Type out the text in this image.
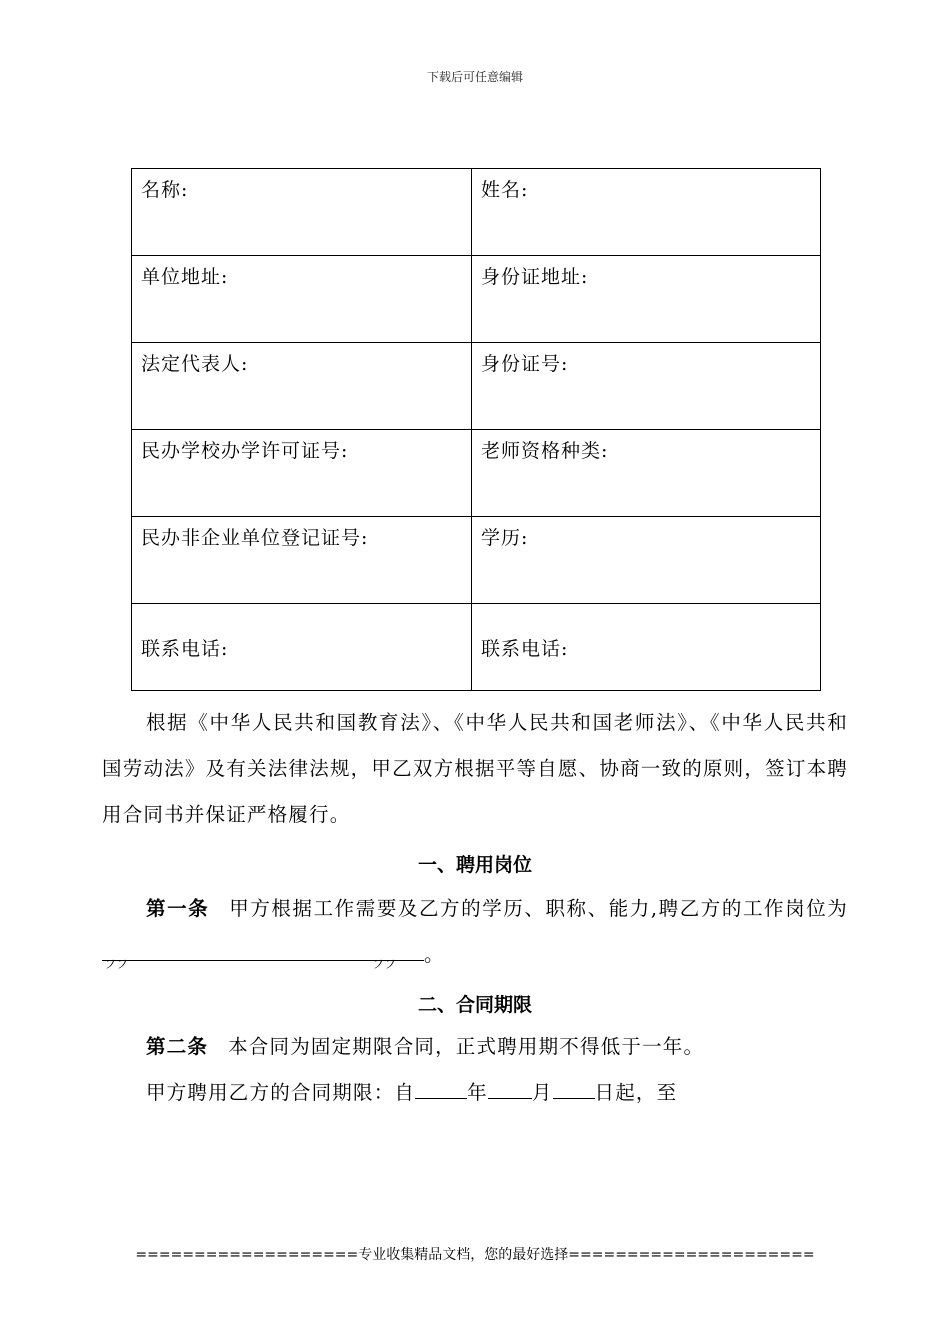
下载后可任意编辑
名称:	姓名:

单位地址:	身份证地址:

法定代表人:	身份证号:

民办学校办学许可证号:	老师资格种类:

民办非企业单位登记证号:	学历:

联系电话:	联系电话:
根据《中华人民共和国教育法》、《中华人民共和国老师法》、《中华人民共和国劳动法》及有关法律法规，甲乙双方根据平等自愿、协商一致的原则，签订本聘用合同书并保证严格履行。
一、聘用岗位
第一条 甲方根据工作需要及乙方的学历、职称、能力,聘乙方的工作岗位为
フフ	フフ 。
二、合同期限
第二条 本合同为固定期限合同，正式聘用期不得低于一年。
甲方聘用乙方的合同期限：自	年 月 日起，至
===================专业收集精品文档，您的最好选择=====================
